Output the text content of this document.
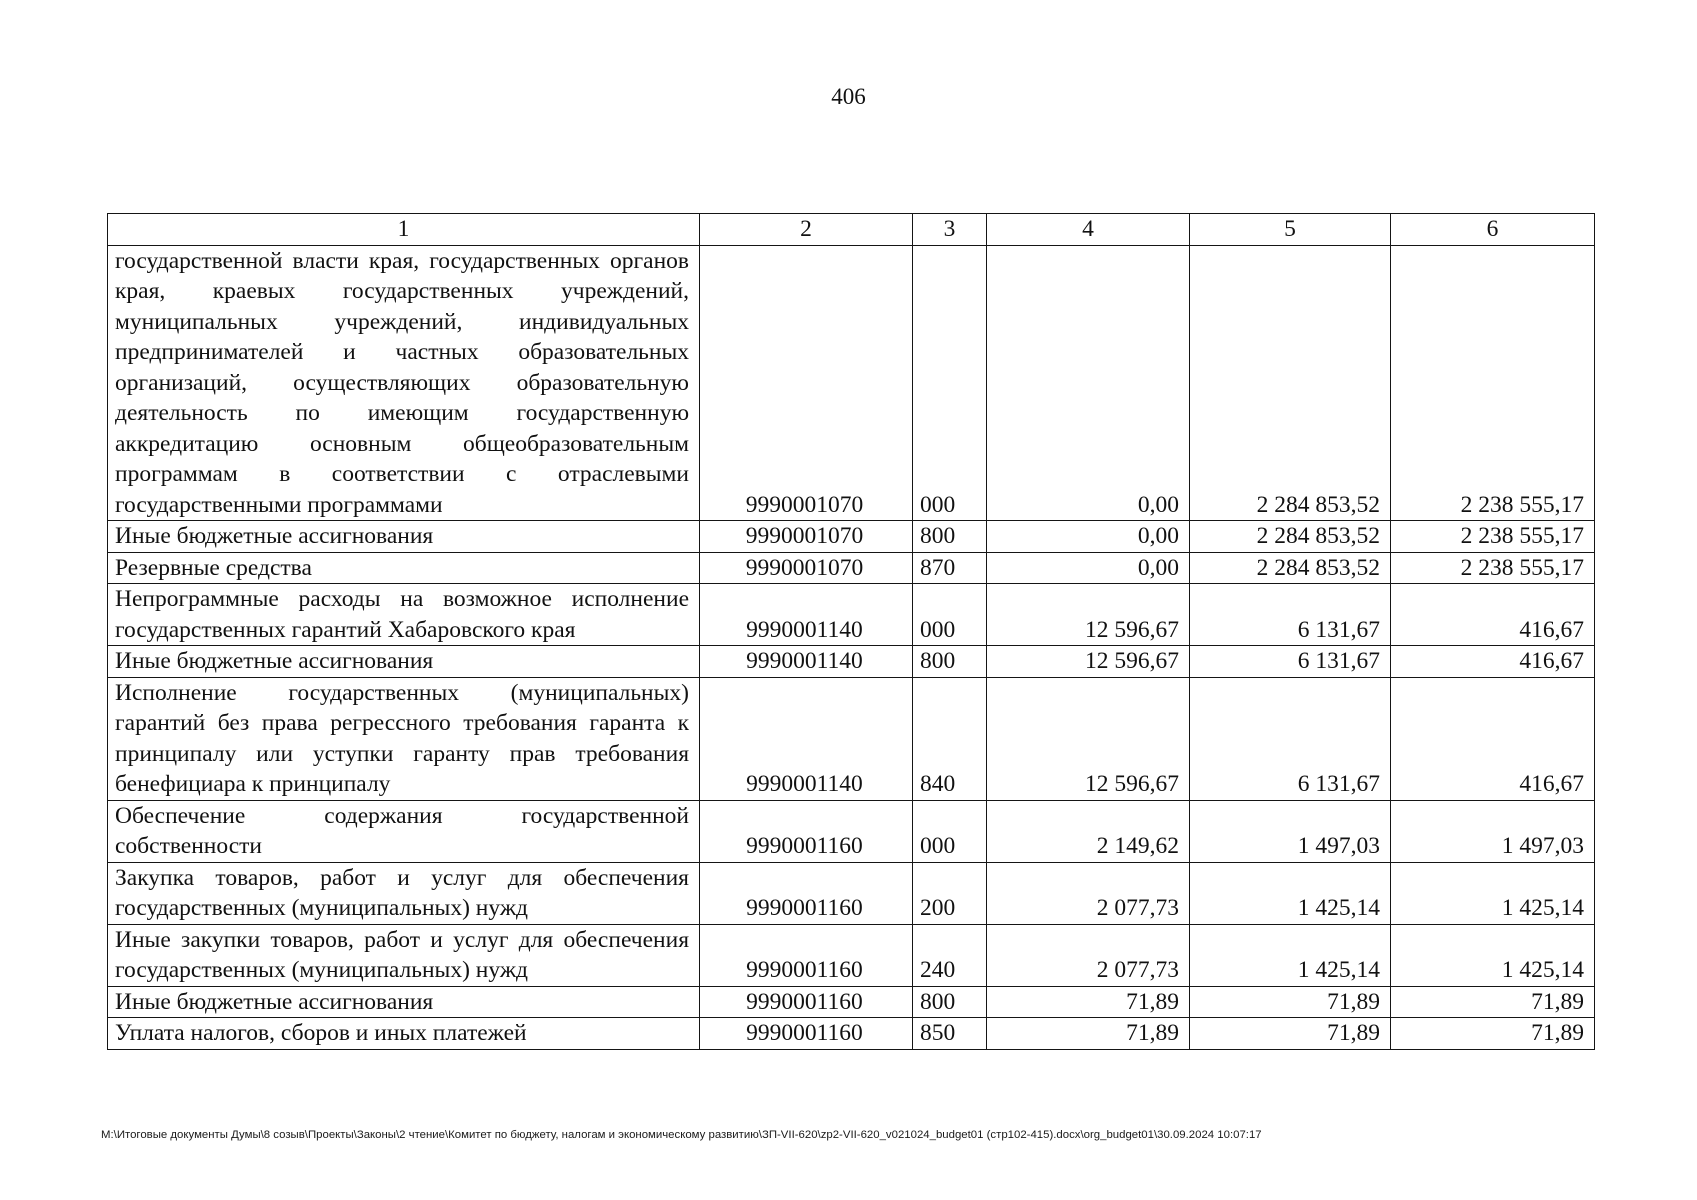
406
1	2	3	4	5	6
государственной власти края, государственных органов края, краевых государственных учреждений, муниципальных учреждений, индивидуальных предпринимателей и частных образовательных организаций, осуществляющих образовательную деятельность по имеющим государственную аккредитацию основным общеобразовательным программам в соответствии с отраслевыми государственными программами	9990001070	000	0,00	2 284 853,52	2 238 555,17
Иные бюджетные ассигнования	9990001070	800	0,00	2 284 853,52	2 238 555,17
Резервные средства	9990001070	870	0,00	2 284 853,52	2 238 555,17
Непрограммные расходы на возможное исполнение государственных гарантий Хабаровского края	9990001140	000	12 596,67	6 131,67	416,67
Иные бюджетные ассигнования	9990001140	800	12 596,67	6 131,67	416,67
Исполнение государственных (муниципальных) гарантий без права регрессного требования гаранта к принципалу или уступки гаранту прав требования бенефициара к принципалу	9990001140	840	12 596,67	6 131,67	416,67
Обеспечение содержания государственной собственности	9990001160	000	2 149,62	1 497,03	1 497,03
Закупка товаров, работ и услуг для обеспечения государственных (муниципальных) нужд	9990001160	200	2 077,73	1 425,14	1 425,14
Иные закупки товаров, работ и услуг для обеспечения государственных (муниципальных) нужд	9990001160	240	2 077,73	1 425,14	1 425,14
Иные бюджетные ассигнования	9990001160	800	71,89	71,89	71,89
Уплата налогов, сборов и иных платежей	9990001160	850	71,89	71,89	71,89
M:\Итоговые документы Думы\8 созыв\Проекты\Законы\2 чтение\Комитет по бюджету, налогам и экономическому развитию\ЗП-VII-620\zp2-VII-620_v021024_budget01 (стр102-415).docx\org_budget01\30.09.2024 10:07:17
